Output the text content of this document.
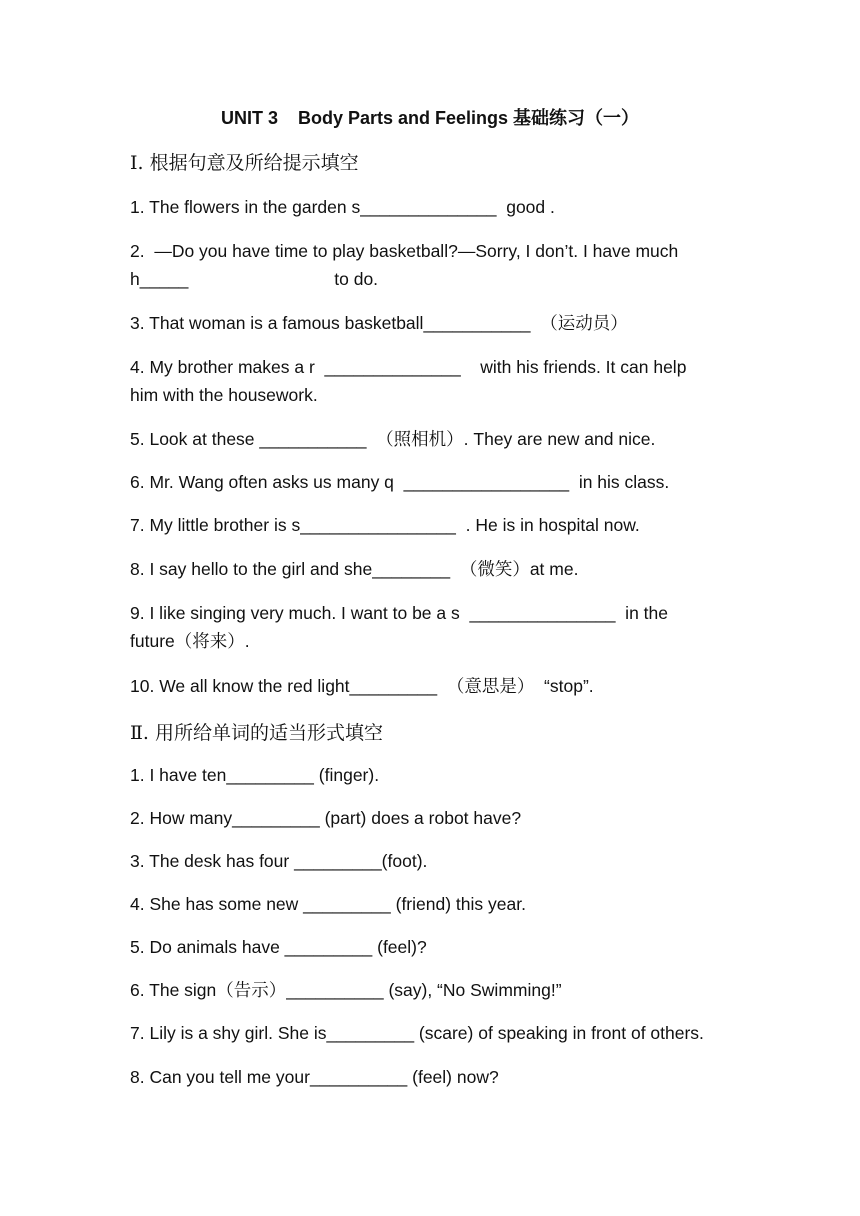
UNIT 3    Body Parts and Feelings 基础练习（一）
Ⅰ. 根据句意及所给提示填空
1. The flowers in the garden s______________  good .
2.  —Do you have time to play basketball?—Sorry, I don’t. I have much
h_____                              to do.
3. That woman is a famous basketball___________  （运动员）
4. My brother makes a r  ______________    with his friends. It can help
him with the housework.
5. Look at these ___________  （照相机）. They are new and nice.
6. Mr. Wang often asks us many q  _________________  in his class.
7. My little brother is s________________  . He is in hospital now.
8. I say hello to the girl and she________  （微笑）at me.
9. I like singing very much. I want to be a s  _______________  in the
future（将来）.
10. We all know the red light_________  （意思是）  “stop”.
Ⅱ. 用所给单词的适当形式填空
1. I have ten_________ (finger).
2. How many_________ (part) does a robot have?
3. The desk has four _________(foot).
4. She has some new _________ (friend) this year.
5. Do animals have _________ (feel)?
6. The sign（告示）__________ (say), “No Swimming!”
7. Lily is a shy girl. She is_________ (scare) of speaking in front of others.
8. Can you tell me your__________ (feel) now?
